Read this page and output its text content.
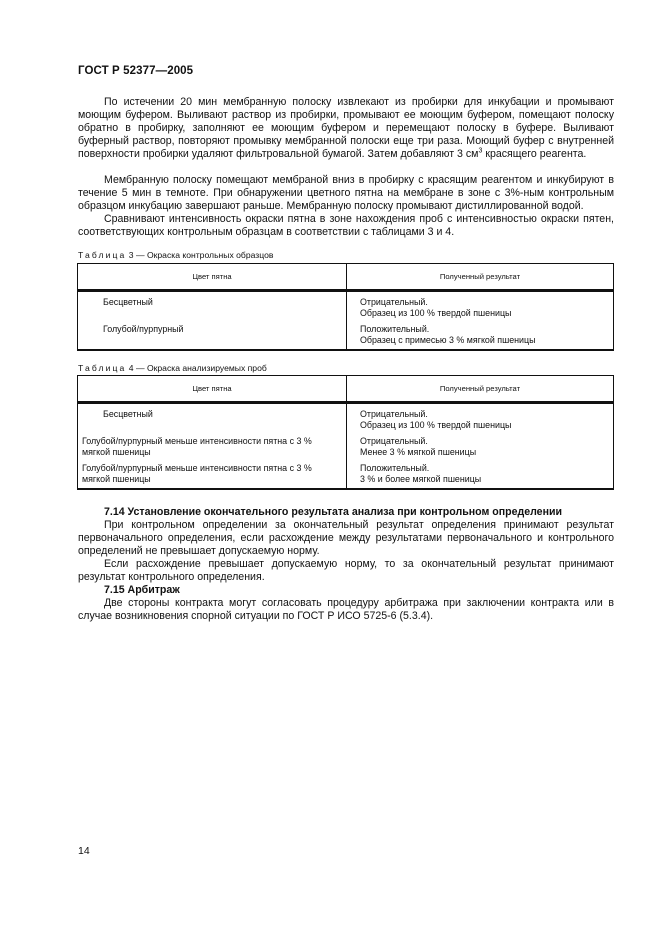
ГОСТ Р 52377—2005

По истечении 20 мин мембранную полоску извлекают из пробирки для инкубации и промывают моющим буфером. Выливают раствор из пробирки, промывают ее моющим буфером, помещают полоску обратно в пробирку, заполняют ее моющим буфером и перемещают полоску в буфере. Выливают буферный раствор, повторяют промывку мембранной полоски еще три раза. Моющий буфер с внутренней поверхности пробирки удаляют фильтровальной бумагой. Затем добавляют 3 $см^3$ красящего реагента.

Мембранную полоску помещают мембраной вниз в пробирку с красящим реагентом и инкубируют в течение 5 мин в темноте. При обнаружении цветного пятна на мембране в зоне с 3%-ным контрольным образцом инкубацию завершают раньше. Мембранную полоску промывают дистиллированной водой.

Сравнивают интенсивность окраски пятна в зоне нахождения проб с интенсивностью окраски пятен, соответствующих контрольным образцам в соответствии с таблицами 3 и 4.

Таблица 3 — Окраска контрольных образцов
Цвет пятна	Полученный результат
Бесцветный	Отрицательный.
Образец из 100 % твердой пшеницы

Голубой/пурпурный	Положительный.
Образец с примесью 3 % мягкой пшеницы
Таблица 4 — Окраска анализируемых проб
Цвет пятна	Полученный результат
Бесцветный	Отрицательный.
Образец из 100 % твердой пшеницы

Голубой/пурпурный меньше интенсивности пятна с 3 % мягкой пшеницы	Отрицательный.
Менее 3 % мягкой пшеницы

Голубой/пурпурный меньше интенсивности пятна с 3 % мягкой пшеницы	Положительный.
3 % и более мягкой пшеницы
7.14 Установление окончательного результата анализа при контрольном определении

При контрольном определении за окончательный результат определения принимают результат первоначального определения, если расхождение между результатами первоначального и контрольного определений не превышает допускаемую норму.

Если расхождение превышает допускаемую норму, то за окончательный результат принимают результат контрольного определения.

7.15 Арбитраж

Две стороны контракта могут согласовать процедуру арбитража при заключении контракта или в случае возникновения спорной ситуации по ГОСТ Р ИСО 5725-6 (5.3.4).

14
